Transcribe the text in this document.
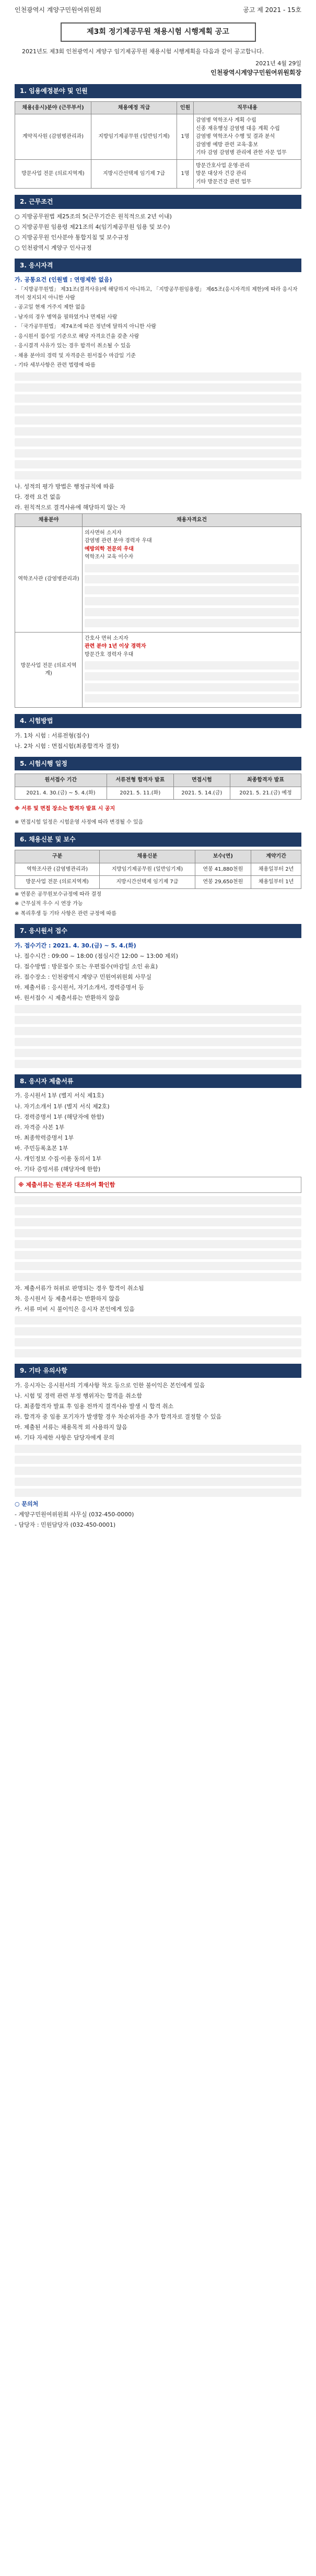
인천광역시 계양구민원여위원회	공고 제 2021 - 15호
제3회 정기제공무원 채용시험 시행계획 공고
2021년도 제3회 인천광역시 계양구 임기제공무원 채용시험 시행계획을 다음과 같이 공고합니다.
2021년 4월 29일
인천광역시계양구민원여위원회장
1. 임용예정분야 및 인원
채용(응시)분야 (근무부서)	채용예정 직급	인원	직무내용
계약직사원 (감염병관리과)	지방임기제공무원 (일반임기제)	1명	감염병 역학조사 계획 수립
신종 재유행성 감염병 대응 계획 수립
감염병 역학조사 수행 및 결과 분석
감염병 예방 관련 교육·홍보
기타 감염 감염병 관리에 관한 자문 업무

방문사업 전문 (의료지역계)	지방시간선택제 임기제 7급	1명	방문간호사업 운영·관리
방문 대상자 건강 관리
기타 방문건강 관련 업무
2. 근무조건

○ 지방공무원법 제25조의 5(근무기간은 원칙적으로 2년 이내)

○ 지방공무원 임용령 제21조의 4(임기제공무원 임용 및 보수)

○ 지방공무원 인사분야 통합지침 및 보수규정

○ 인천광역시 계양구 인사규정

3. 응시자격

가. 공통요건 (인원별 : 연령제한 없음)

- 「지방공무원법」 제31조(결격사유)에 해당하지 아니하고, 「지방공무원임용령」 제65조(응시자격의 제한)에 따라 응시자격이 정지되지 아니한 사람

- 공고일 현재 거주지 제한 없음

- 남자의 경우 병역을 필하였거나 면제된 사람

- 「국가공무원법」 제74조에 따른 정년에 달하지 아니한 사람

- 응시원서 접수일 기준으로 해당 자격요건을 갖춘 사람

- 응시결격 사유가 있는 경우 합격이 취소될 수 있음

- 채용 분야의 경력 및 자격증은 원서접수 마감일 기준

- 기타 세부사항은 관련 법령에 따름

나. 성적의 평가 방법은 행정규칙에 따름

다. 경력 요건 없음

라. 원칙적으로 결격사유에 해당하지 않는 자

채용분야	채용자격요건
역학조사관 (감염병관리과)	의사면허 소지자
감염병 관련 분야 경력자 우대
예방의학 전문의 우대
역학조사 교육 이수자

방문사업 전문 (의료지역계)	간호사 면허 소지자
관련 분야 1년 이상 경력자
방문간호 경력자 우대
4. 시험방법

가. 1차 시험 : 서류전형(접수)

나. 2차 시험 : 면접시험(최종합격자 결정)

5. 시험시행 일정
원서접수 기간	서류전형 합격자 발표	면접시험	최종합격자 발표
2021. 4. 30.(금) ~ 5. 4.(화)	2021. 5. 11.(화)	2021. 5. 14.(금)	2021. 5. 21.(금) 예정

※ 서류 및 면접 장소는 합격자 발표 시 공지

※ 면접시험 일정은 시험운영 사정에 따라 변경될 수 있음

6. 채용신분 및 보수
구분	채용신분	보수(연)	계약기간
역학조사관 (감염병관리과)	지방임기제공무원 (일반임기제)	연봉 41,880천원	채용일부터 2년
방문사업 전문 (의료지역계)	지방시간선택제 임기제 7급	연봉 29,650천원	채용일부터 1년

※ 연봉은 공무원보수규정에 따라 결정

※ 근무실적 우수 시 연장 가능

※ 복리후생 등 기타 사항은 관련 규정에 따름

7. 응시원서 접수

가. 접수기간 : 2021. 4. 30.(금) ~ 5. 4.(화)

나. 접수시간 : 09:00 ~ 18:00 (점심시간 12:00 ~ 13:00 제외)

다. 접수방법 : 방문접수 또는 우편접수(마감일 소인 유효)

라. 접수장소 : 인천광역시 계양구 민원여위원회 사무실

마. 제출서류 : 응시원서, 자기소개서, 경력증명서 등

바. 원서접수 시 제출서류는 반환하지 않음

8. 응시자 제출서류

가. 응시원서 1부 (별지 서식 제1호)

나. 자기소개서 1부 (별지 서식 제2호)

다. 경력증명서 1부 (해당자에 한함)

라. 자격증 사본 1부

마. 최종학력증명서 1부

바. 주민등록초본 1부

사. 개인정보 수집·이용 동의서 1부

아. 기타 증빙서류 (해당자에 한함)

※ 제출서류는 원본과 대조하여 확인함

자. 제출서류가 허위로 판명되는 경우 합격이 취소됨

차. 응시원서 등 제출서류는 반환하지 않음

카. 서류 미비 시 불이익은 응시자 본인에게 있음

9. 기타 유의사항

가. 응시자는 응시원서의 기재사항 착오 등으로 인한 불이익은 본인에게 있음

나. 시험 및 경력 관련 부정 행위자는 합격을 취소함

다. 최종합격자 발표 후 임용 전까지 결격사유 발생 시 합격 취소

라. 합격자 중 임용 포기자가 발생할 경우 차순위자를 추가 합격자로 결정할 수 있음

마. 제출된 서류는 채용목적 외 사용하지 않음

바. 기타 자세한 사항은 담당자에게 문의

○ 문의처

- 계양구민원여위원회 사무실 (032-450-0000)

- 담당자 : 민원담당자 (032-450-0001)
